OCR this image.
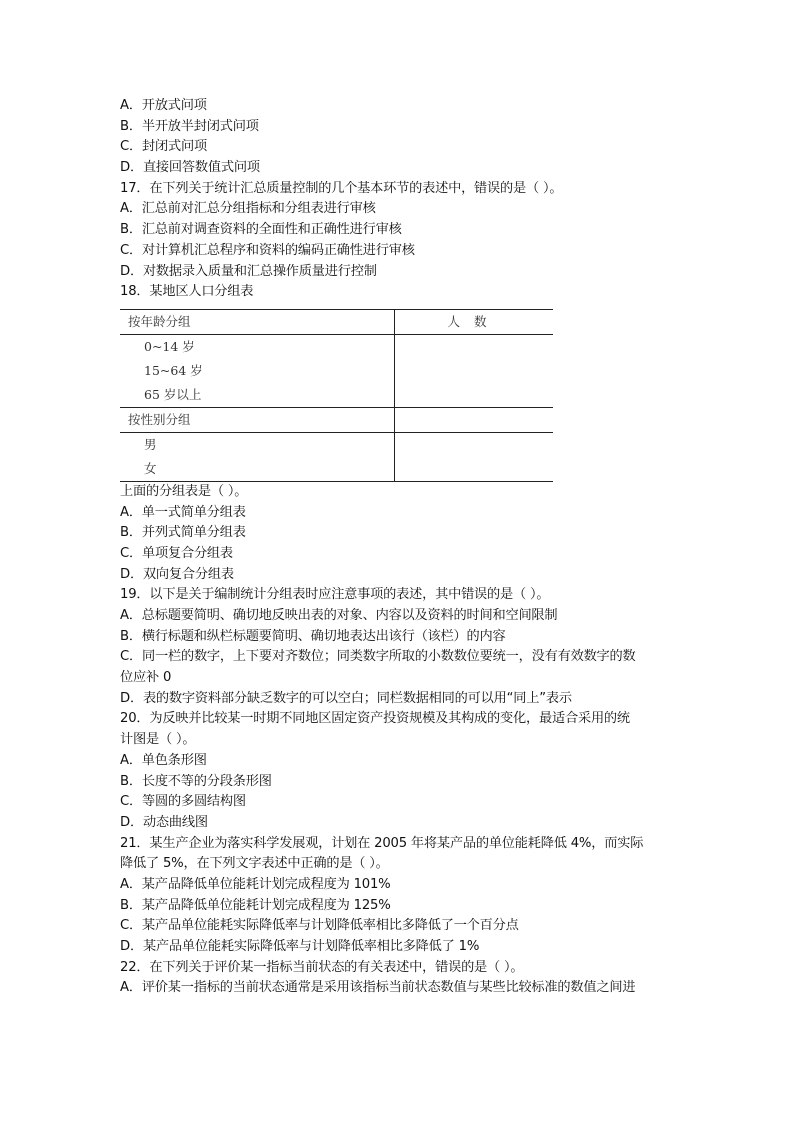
A．开放式问项
B．半开放半封闭式问项
C．封闭式问项
D．直接回答数值式问项
17．在下列关于统计汇总质量控制的几个基本环节的表述中，错误的是（ ）。
A．汇总前对汇总分组指标和分组表进行审核
B．汇总前对调查资料的全面性和正确性进行审核
C．对计算机汇总程序和资料的编码正确性进行审核
D．对数据录入质量和汇总操作质量进行控制
18．某地区人口分组表
按年龄分组	人数

0~14 岁
15~64 岁
65 岁以上	

按性别分组	

男
女	

上面的分组表是（ ）。
A．单一式简单分组表
B．并列式简单分组表
C．单项复合分组表
D．双向复合分组表
19．以下是关于编制统计分组表时应注意事项的表述，其中错误的是（ ）。
A．总标题要简明、确切地反映出表的对象、内容以及资料的时间和空间限制
B．横行标题和纵栏标题要简明、确切地表达出该行（该栏）的内容
C．同一栏的数字，上下要对齐数位；同类数字所取的小数数位要统一，没有有效数字的数
位应补 0
D．表的数字资料部分缺乏数字的可以空白；同栏数据相同的可以用“同上”表示
20．为反映并比较某一时期不同地区固定资产投资规模及其构成的变化，最适合采用的统
计图是（ ）。
A．单色条形图
B．长度不等的分段条形图
C．等圆的多圆结构图
D．动态曲线图
21．某生产企业为落实科学发展观，计划在 2005 年将某产品的单位能耗降低 4%，而实际
降低了 5%，在下列文字表述中正确的是（ ）。
A．某产品降低单位能耗计划完成程度为 101%
B．某产品降低单位能耗计划完成程度为 125%
C．某产品单位能耗实际降低率与计划降低率相比多降低了一个百分点
D．某产品单位能耗实际降低率与计划降低率相比多降低了 1%
22．在下列关于评价某一指标当前状态的有关表述中，错误的是（ ）。
A．评价某一指标的当前状态通常是采用该指标当前状态数值与某些比较标准的数值之间进
